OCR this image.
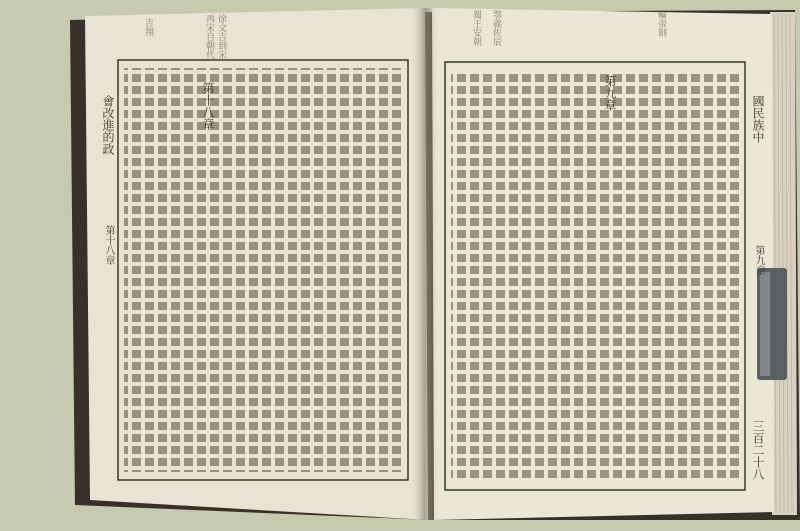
第九章
第十八章	國民族中
三百二十八
第九章
會改進的政
第十八章
徐文吉到宋
再宋自朝代
吉翔	鄂義佐辰
蜀王安朝	輪帝制
